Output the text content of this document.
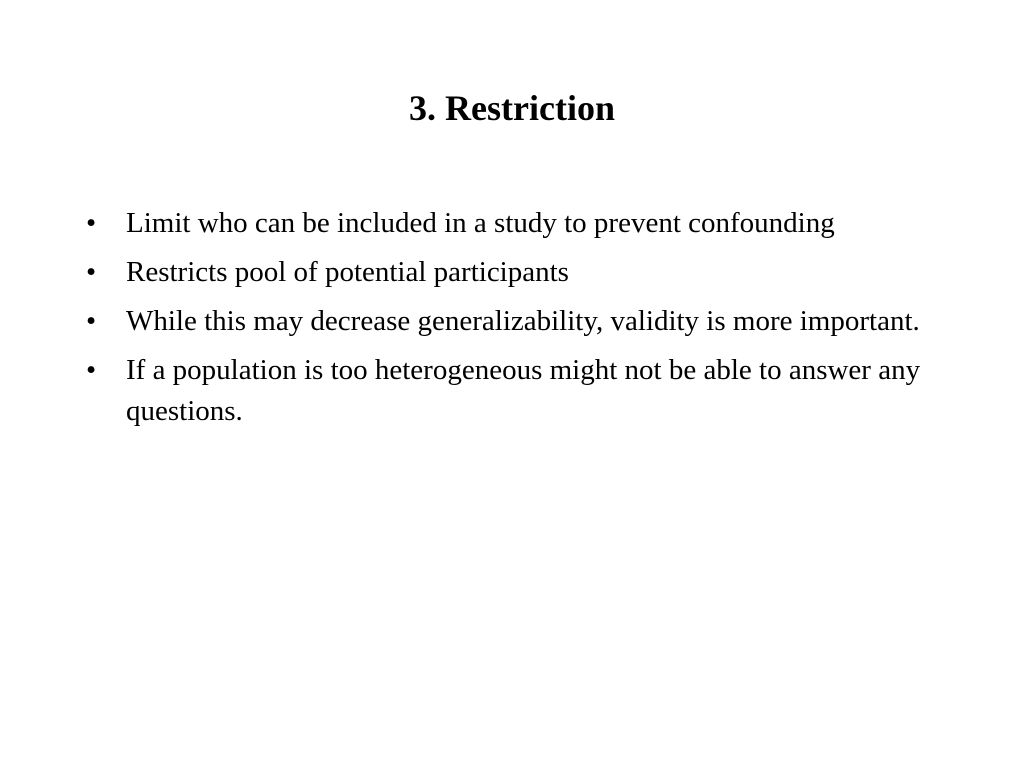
3. Restriction
•	Limit who can be included in a study to prevent confounding
•	Restricts pool of potential participants
•	While this may decrease generalizability, validity is more important.
•	If a population is too heterogeneous might not be able to answer any questions.
